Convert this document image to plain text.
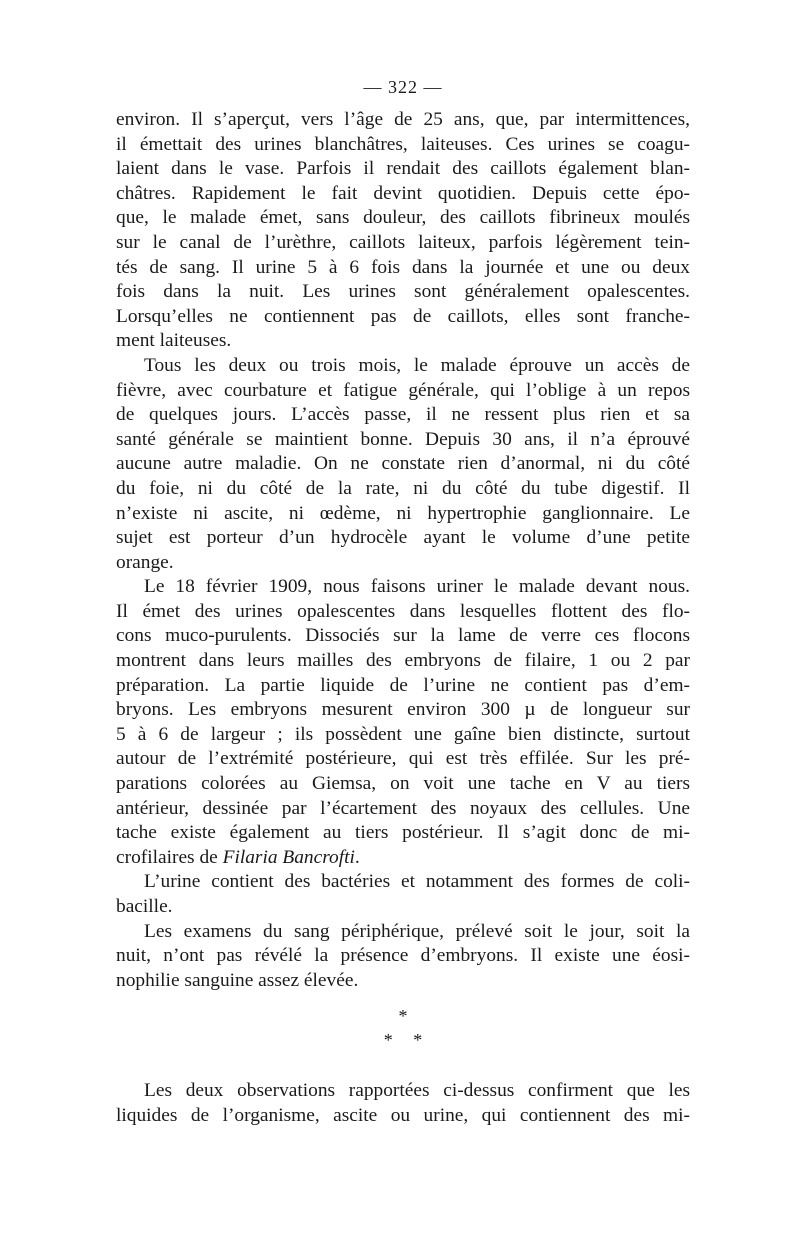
— 322 —

environ. Il s’aperçut, vers l’âge de 25 ans, que, par intermittences,
il émettait des urines blanchâtres, laiteuses. Ces urines se coagu-
laient dans le vase. Parfois il rendait des caillots également blan-
châtres. Rapidement le fait devint quotidien. Depuis cette épo-
que, le malade émet, sans douleur, des caillots fibrineux moulés
sur le canal de l’urèthre, caillots laiteux, parfois légèrement tein-
tés de sang. Il urine 5 à 6 fois dans la journée et une ou deux
fois dans la nuit. Les urines sont généralement opalescentes.
Lorsqu’elles ne contiennent pas de caillots, elles sont franche-
ment laiteuses.

Tous les deux ou trois mois, le malade éprouve un accès de
fièvre, avec courbature et fatigue générale, qui l’oblige à un repos
de quelques jours. L’accès passe, il ne ressent plus rien et sa
santé générale se maintient bonne. Depuis 30 ans, il n’a éprouvé
aucune autre maladie. On ne constate rien d’anormal, ni du côté
du foie, ni du côté de la rate, ni du côté du tube digestif. Il
n’existe ni ascite, ni œdème, ni hypertrophie ganglionnaire. Le
sujet est porteur d’un hydrocèle ayant le volume d’une petite
orange.

Le 18 février 1909, nous faisons uriner le malade devant nous.
Il émet des urines opalescentes dans lesquelles flottent des flo-
cons muco-purulents. Dissociés sur la lame de verre ces flocons
montrent dans leurs mailles des embryons de filaire, 1 ou 2 par
préparation. La partie liquide de l’urine ne contient pas d’em-
bryons. Les embryons mesurent environ 300 µ de longueur sur
5 à 6 de largeur ; ils possèdent une gaîne bien distincte, surtout
autour de l’extrémité postérieure, qui est très effilée. Sur les pré-
parations colorées au Giemsa, on voit une tache en V au tiers
antérieur, dessinée par l’écartement des noyaux des cellules. Une
tache existe également au tiers postérieur. Il s’agit donc de mi-
crofilaires de Filaria Bancrofti.

L’urine contient des bactéries et notamment des formes de coli-
bacille.

Les examens du sang périphérique, prélevé soit le jour, soit la
nuit, n’ont pas révélé la présence d’embryons. Il existe une éosi-
nophilie sanguine assez élevée.

*
* *

Les deux observations rapportées ci-dessus confirment que les
liquides de l’organisme, ascite ou urine, qui contiennent des mi-
